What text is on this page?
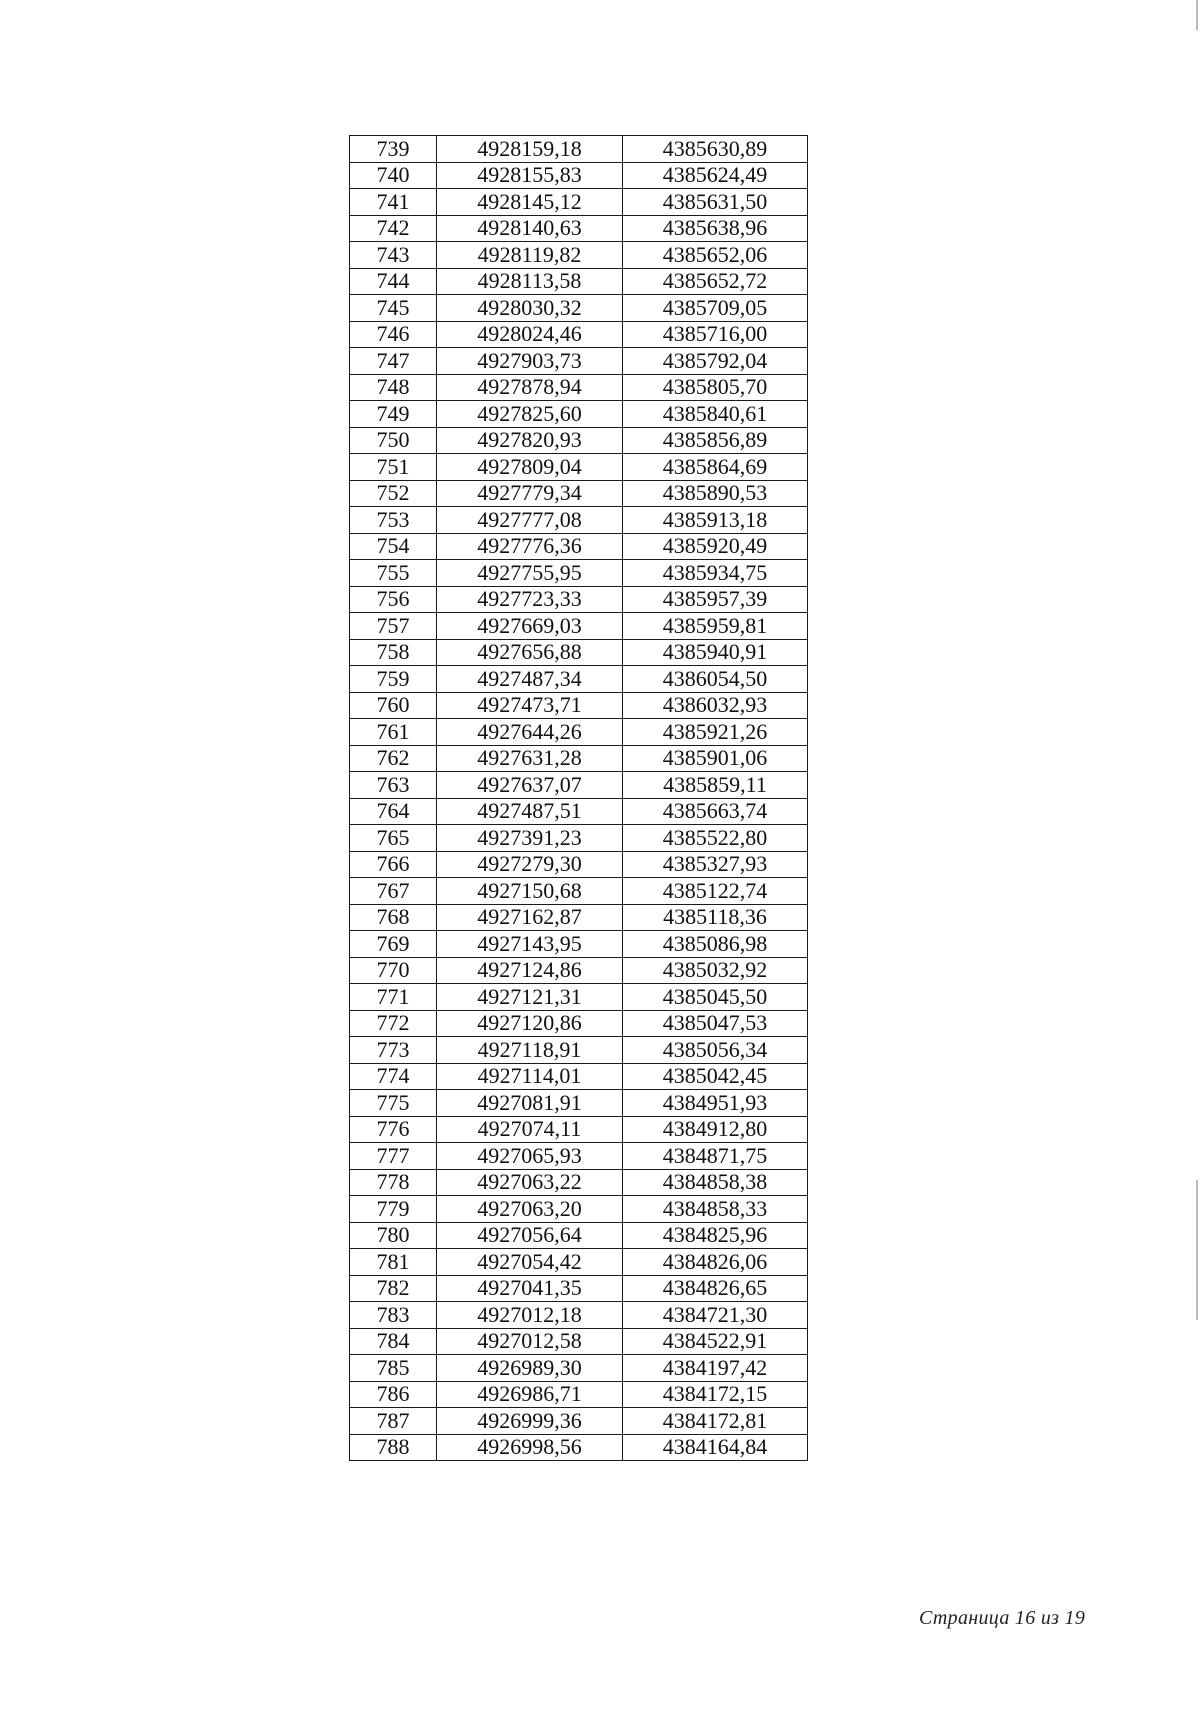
739	4928159,18	4385630,89
740	4928155,83	4385624,49
741	4928145,12	4385631,50
742	4928140,63	4385638,96
743	4928119,82	4385652,06
744	4928113,58	4385652,72
745	4928030,32	4385709,05
746	4928024,46	4385716,00
747	4927903,73	4385792,04
748	4927878,94	4385805,70
749	4927825,60	4385840,61
750	4927820,93	4385856,89
751	4927809,04	4385864,69
752	4927779,34	4385890,53
753	4927777,08	4385913,18
754	4927776,36	4385920,49
755	4927755,95	4385934,75
756	4927723,33	4385957,39
757	4927669,03	4385959,81
758	4927656,88	4385940,91
759	4927487,34	4386054,50
760	4927473,71	4386032,93
761	4927644,26	4385921,26
762	4927631,28	4385901,06
763	4927637,07	4385859,11
764	4927487,51	4385663,74
765	4927391,23	4385522,80
766	4927279,30	4385327,93
767	4927150,68	4385122,74
768	4927162,87	4385118,36
769	4927143,95	4385086,98
770	4927124,86	4385032,92
771	4927121,31	4385045,50
772	4927120,86	4385047,53
773	4927118,91	4385056,34
774	4927114,01	4385042,45
775	4927081,91	4384951,93
776	4927074,11	4384912,80
777	4927065,93	4384871,75
778	4927063,22	4384858,38
779	4927063,20	4384858,33
780	4927056,64	4384825,96
781	4927054,42	4384826,06
782	4927041,35	4384826,65
783	4927012,18	4384721,30
784	4927012,58	4384522,91
785	4926989,30	4384197,42
786	4926986,71	4384172,15
787	4926999,36	4384172,81
788	4926998,56	4384164,84
Страница 16 из 19
